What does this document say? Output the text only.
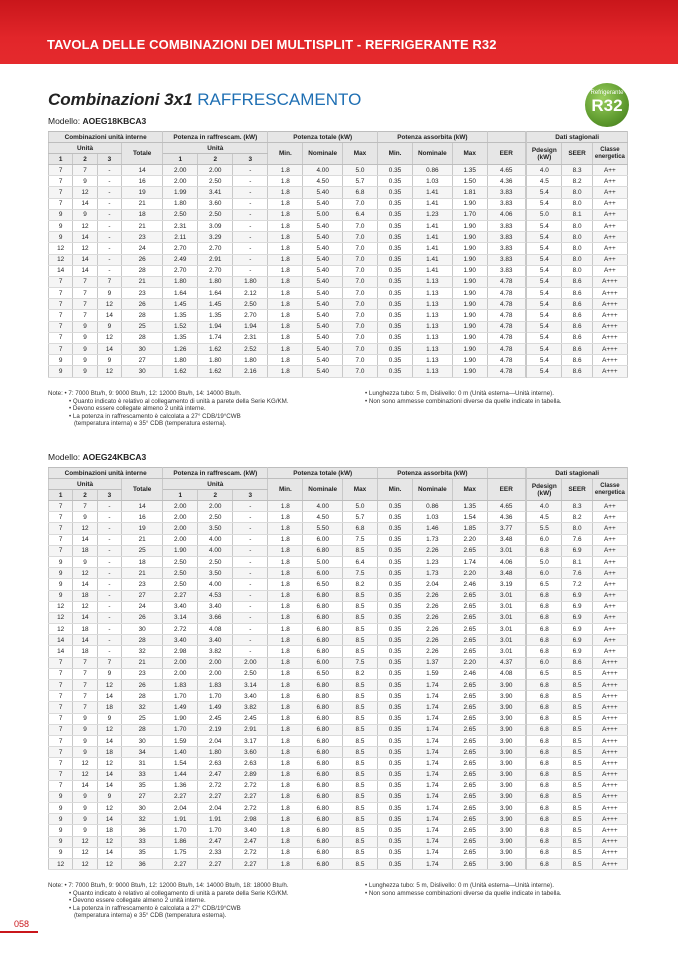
TAVOLA DELLE COMBINAZIONI DEI MULTISPLIT - REFRIGERANTE R32
Combinazioni 3x1 RAFFRESCAMENTO	Refrigerante
R32
Modello: AOEG18KBCA3
Combinazioni unità interne				Potenza in raffrescam. (kW)			Potenza totale (kW)			Potenza assorbita (kW)				Dati stagionali		
Unità			Totale	Unità			Min.	Nominale	Max	Min.	Nominale	Max	EER	Pdesign (kW)	SEER	Classe energetica
1	2	3		1	2	3										
7	7	-	14	2.00	2.00	-	1.8	4.00	5.0	0.35	0.86	1.35	4.65		4.0	8.3	A++
7	9	-	16	2.00	2.50	-	1.8	4.50	5.7	0.35	1.03	1.50	4.36		4.5	8.2	A++
7	12	-	19	1.99	3.41	-	1.8	5.40	6.8	0.35	1.41	1.81	3.83		5.4	8.0	A++
7	14	-	21	1.80	3.60	-	1.8	5.40	7.0	0.35	1.41	1.90	3.83		5.4	8.0	A++
9	9	-	18	2.50	2.50	-	1.8	5.00	6.4	0.35	1.23	1.70	4.06		5.0	8.1	A++
9	12	-	21	2.31	3.09	-	1.8	5.40	7.0	0.35	1.41	1.90	3.83		5.4	8.0	A++
9	14	-	23	2.11	3.29	-	1.8	5.40	7.0	0.35	1.41	1.90	3.83		5.4	8.0	A++
12	12	-	24	2.70	2.70	-	1.8	5.40	7.0	0.35	1.41	1.90	3.83		5.4	8.0	A++
12	14	-	26	2.49	2.91	-	1.8	5.40	7.0	0.35	1.41	1.90	3.83		5.4	8.0	A++
14	14	-	28	2.70	2.70	-	1.8	5.40	7.0	0.35	1.41	1.90	3.83		5.4	8.0	A++
7	7	7	21	1.80	1.80	1.80	1.8	5.40	7.0	0.35	1.13	1.90	4.78		5.4	8.6	A+++
7	7	9	23	1.64	1.64	2.12	1.8	5.40	7.0	0.35	1.13	1.90	4.78		5.4	8.6	A+++
7	7	12	26	1.45	1.45	2.50	1.8	5.40	7.0	0.35	1.13	1.90	4.78		5.4	8.6	A+++
7	7	14	28	1.35	1.35	2.70	1.8	5.40	7.0	0.35	1.13	1.90	4.78		5.4	8.6	A+++
7	9	9	25	1.52	1.94	1.94	1.8	5.40	7.0	0.35	1.13	1.90	4.78		5.4	8.6	A+++
7	9	12	28	1.35	1.74	2.31	1.8	5.40	7.0	0.35	1.13	1.90	4.78		5.4	8.6	A+++
7	9	14	30	1.26	1.62	2.52	1.8	5.40	7.0	0.35	1.13	1.90	4.78		5.4	8.6	A+++
9	9	9	27	1.80	1.80	1.80	1.8	5.40	7.0	0.35	1.13	1.90	4.78		5.4	8.6	A+++
9	9	12	30	1.62	1.62	2.16	1.8	5.40	7.0	0.35	1.13	1.90	4.78		5.4	8.6	A+++
Note: • 7: 7000 Btu/h, 9: 9000 Btu/h, 12: 12000 Btu/h, 14: 14000 Btu/h.
• Quanto indicato è relativo al collegamento di unità a parete della Serie KG/KM.
• Devono essere collegate almeno 2 unità interne.
• La potenza in raffrescamento è calcolata a 27° CDB/19°CWB
(temperatura interna) e 35° CDB (temperatura esterna).
• Lunghezza tubo: 5 m, Dislivello: 0 m (Unità esterna—Unità interne).
• Non sono ammesse combinazioni diverse da quelle indicate in tabella.
Modello: AOEG24KBCA3
Combinazioni unità interne				Potenza in raffrescam. (kW)			Potenza totale (kW)			Potenza assorbita (kW)				Dati stagionali		
Unità			Totale	Unità			Min.	Nominale	Max	Min.	Nominale	Max	EER	Pdesign (kW)	SEER	Classe energetica
1	2	3		1	2	3										
7	7	-	14	2.00	2.00	-	1.8	4.00	5.0	0.35	0.86	1.35	4.65		4.0	8.3	A++
7	9	-	16	2.00	2.50	-	1.8	4.50	5.7	0.35	1.03	1.54	4.36		4.5	8.2	A++
7	12	-	19	2.00	3.50	-	1.8	5.50	6.8	0.35	1.46	1.85	3.77		5.5	8.0	A++
7	14	-	21	2.00	4.00	-	1.8	6.00	7.5	0.35	1.73	2.20	3.48		6.0	7.6	A++
7	18	-	25	1.90	4.00	-	1.8	6.80	8.5	0.35	2.26	2.65	3.01		6.8	6.9	A++
9	9	-	18	2.50	2.50	-	1.8	5.00	6.4	0.35	1.23	1.74	4.06		5.0	8.1	A++
9	12	-	21	2.50	3.50	-	1.8	6.00	7.5	0.35	1.73	2.20	3.48		6.0	7.6	A++
9	14	-	23	2.50	4.00	-	1.8	6.50	8.2	0.35	2.04	2.46	3.19		6.5	7.2	A++
9	18	-	27	2.27	4.53	-	1.8	6.80	8.5	0.35	2.26	2.65	3.01		6.8	6.9	A++
12	12	-	24	3.40	3.40	-	1.8	6.80	8.5	0.35	2.26	2.65	3.01		6.8	6.9	A++
12	14	-	26	3.14	3.66	-	1.8	6.80	8.5	0.35	2.26	2.65	3.01		6.8	6.9	A++
12	18	-	30	2.72	4.08	-	1.8	6.80	8.5	0.35	2.26	2.65	3.01		6.8	6.9	A++
14	14	-	28	3.40	3.40	-	1.8	6.80	8.5	0.35	2.26	2.65	3.01		6.8	6.9	A++
14	18	-	32	2.98	3.82	-	1.8	6.80	8.5	0.35	2.26	2.65	3.01		6.8	6.9	A++
7	7	7	21	2.00	2.00	2.00	1.8	6.00	7.5	0.35	1.37	2.20	4.37		6.0	8.6	A+++
7	7	9	23	2.00	2.00	2.50	1.8	6.50	8.2	0.35	1.59	2.46	4.08		6.5	8.5	A+++
7	7	12	26	1.83	1.83	3.14	1.8	6.80	8.5	0.35	1.74	2.65	3.90		6.8	8.5	A+++
7	7	14	28	1.70	1.70	3.40	1.8	6.80	8.5	0.35	1.74	2.65	3.90		6.8	8.5	A+++
7	7	18	32	1.49	1.49	3.82	1.8	6.80	8.5	0.35	1.74	2.65	3.90		6.8	8.5	A+++
7	9	9	25	1.90	2.45	2.45	1.8	6.80	8.5	0.35	1.74	2.65	3.90		6.8	8.5	A+++
7	9	12	28	1.70	2.19	2.91	1.8	6.80	8.5	0.35	1.74	2.65	3.90		6.8	8.5	A+++
7	9	14	30	1.59	2.04	3.17	1.8	6.80	8.5	0.35	1.74	2.65	3.90		6.8	8.5	A+++
7	9	18	34	1.40	1.80	3.60	1.8	6.80	8.5	0.35	1.74	2.65	3.90		6.8	8.5	A+++
7	12	12	31	1.54	2.63	2.63	1.8	6.80	8.5	0.35	1.74	2.65	3.90		6.8	8.5	A+++
7	12	14	33	1.44	2.47	2.89	1.8	6.80	8.5	0.35	1.74	2.65	3.90		6.8	8.5	A+++
7	14	14	35	1.36	2.72	2.72	1.8	6.80	8.5	0.35	1.74	2.65	3.90		6.8	8.5	A+++
9	9	9	27	2.27	2.27	2.27	1.8	6.80	8.5	0.35	1.74	2.65	3.90		6.8	8.5	A+++
9	9	12	30	2.04	2.04	2.72	1.8	6.80	8.5	0.35	1.74	2.65	3.90		6.8	8.5	A+++
9	9	14	32	1.91	1.91	2.98	1.8	6.80	8.5	0.35	1.74	2.65	3.90		6.8	8.5	A+++
9	9	18	36	1.70	1.70	3.40	1.8	6.80	8.5	0.35	1.74	2.65	3.90		6.8	8.5	A+++
9	12	12	33	1.86	2.47	2.47	1.8	6.80	8.5	0.35	1.74	2.65	3.90		6.8	8.5	A+++
9	12	14	35	1.75	2.33	2.72	1.8	6.80	8.5	0.35	1.74	2.65	3.90		6.8	8.5	A+++
12	12	12	36	2.27	2.27	2.27	1.8	6.80	8.5	0.35	1.74	2.65	3.90		6.8	8.5	A+++
Note: • 7: 7000 Btu/h, 9: 9000 Btu/h, 12: 12000 Btu/h, 14: 14000 Btu/h, 18: 18000 Btu/h.
• Quanto indicato è relativo al collegamento di unità a parete della Serie KG/KM.
• Devono essere collegate almeno 2 unità interne.
• La potenza in raffrescamento è calcolata a 27° CDB/19°CWB
(temperatura interna) e 35° CDB (temperatura esterna).
• Lunghezza tubo: 5 m, Dislivello: 0 m (Unità esterna—Unità interne).
• Non sono ammesse combinazioni diverse da quelle indicate in tabella.
058
